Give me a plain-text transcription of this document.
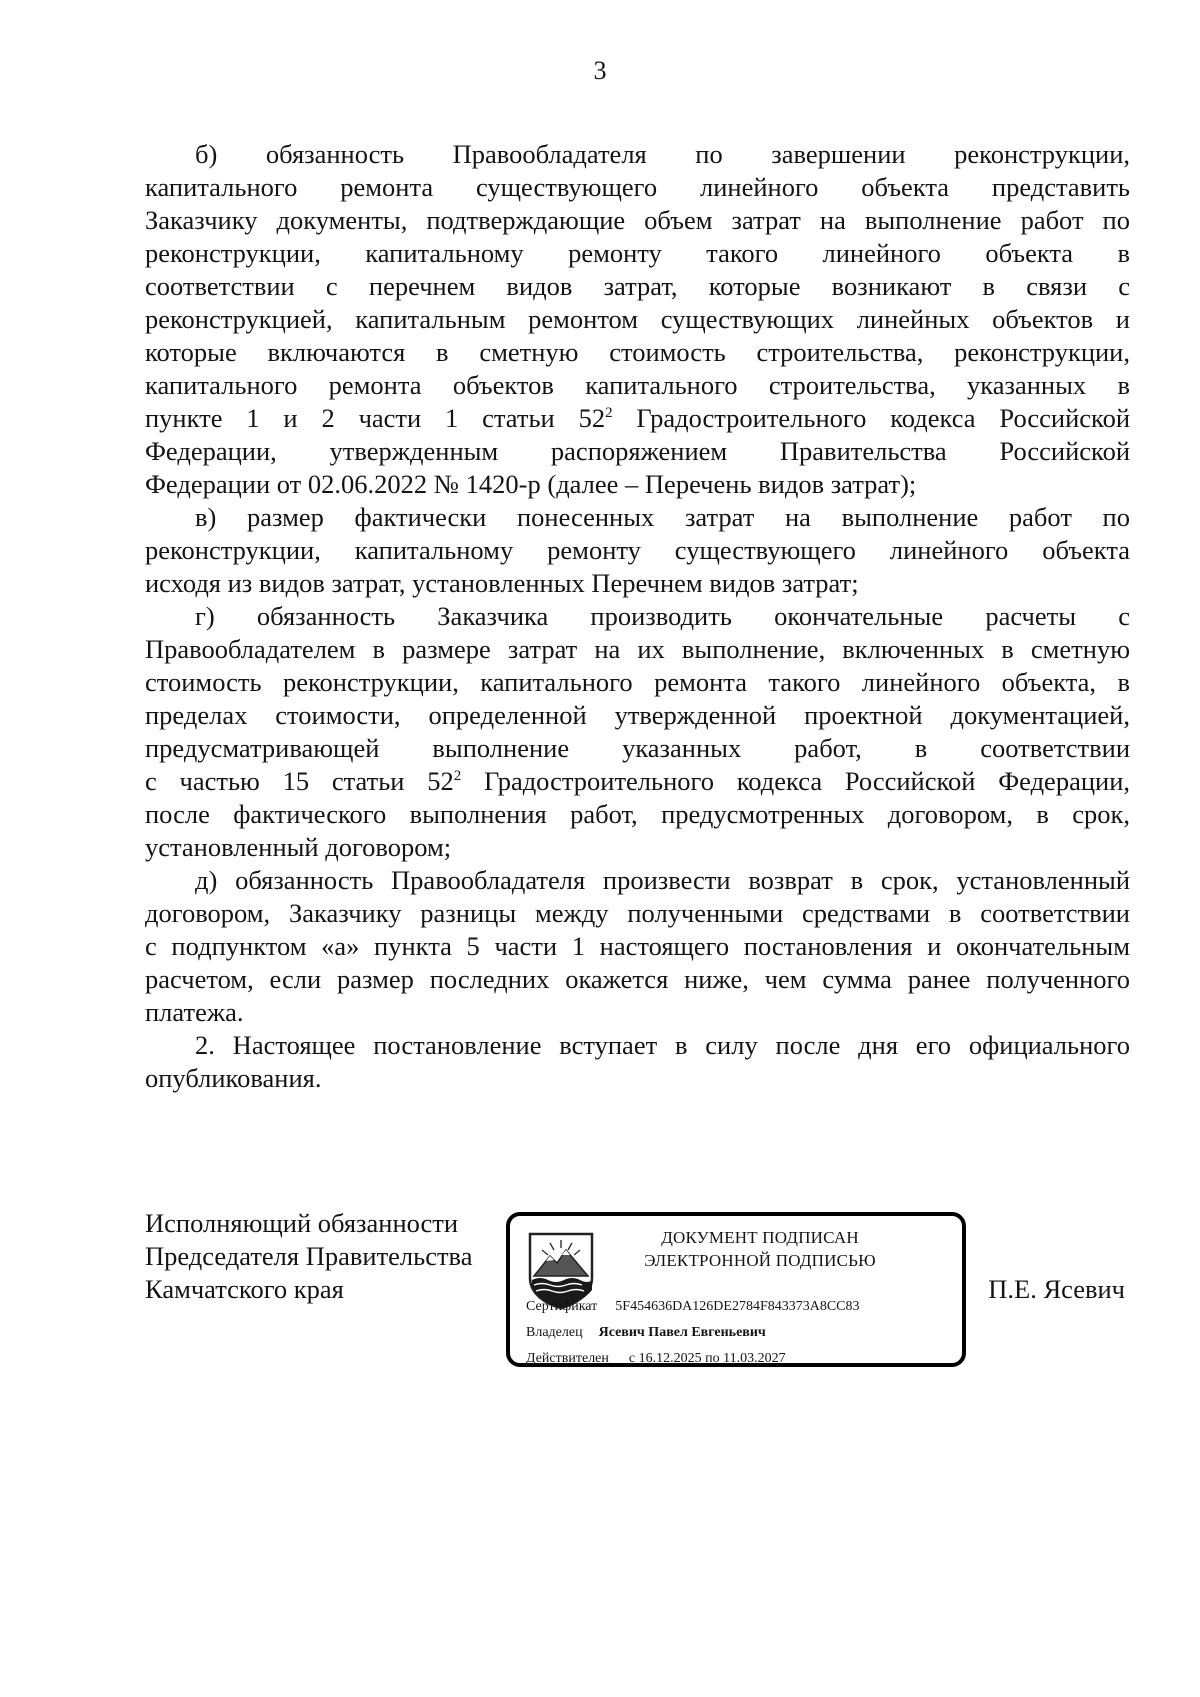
3
б) обязанность Правообладателя по завершении реконструкции,
капитального ремонта существующего линейного объекта представить
Заказчику документы, подтверждающие объем затрат на выполнение работ по
реконструкции, капитальному ремонту такого линейного объекта в
соответствии с перечнем видов затрат, которые возникают в связи с
реконструкцией, капитальным ремонтом существующих линейных объектов и
которые включаются в сметную стоимость строительства, реконструкции,
капитального ремонта объектов капитального строительства, указанных в
пункте 1 и 2 части 1 статьи $52^2$ Градостроительного кодекса Российской
Федерации, утвержденным распоряжением Правительства Российской
Федерации от 02.06.2022 № 1420-р (далее – Перечень видов затрат);
в) размер фактически понесенных затрат на выполнение работ по
реконструкции, капитальному ремонту существующего линейного объекта
исходя из видов затрат, установленных Перечнем видов затрат;
г) обязанность Заказчика производить окончательные расчеты с
Правообладателем в размере затрат на их выполнение, включенных в сметную
стоимость реконструкции, капитального ремонта такого линейного объекта, в
пределах стоимости, определенной утвержденной проектной документацией,
предусматривающей выполнение указанных работ, в соответствии
с частью 15 статьи $52^2$ Градостроительного кодекса Российской Федерации,
после фактического выполнения работ, предусмотренных договором, в срок,
установленный договором;
д) обязанность Правообладателя произвести возврат в срок, установленный
договором, Заказчику разницы между полученными средствами в соответствии
с подпунктом «а» пункта 5 части 1 настоящего постановления и окончательным
расчетом, если размер последних окажется ниже, чем сумма ранее полученного
платежа.
2. Настоящее постановление вступает в силу после дня его официального
опубликования.
Исполняющий обязанности
Председателя Правительства
Камчатского края
ДОКУМЕНТ ПОДПИСАН
ЭЛЕКТРОННОЙ ПОДПИСЬЮ
Сертификат 5F454636DA126DE2784F843373A8CC83
Владелец Ясевич Павел Евгеньевич
Действителен с 16.12.2025 по 11.03.2027
П.Е. Ясевич
